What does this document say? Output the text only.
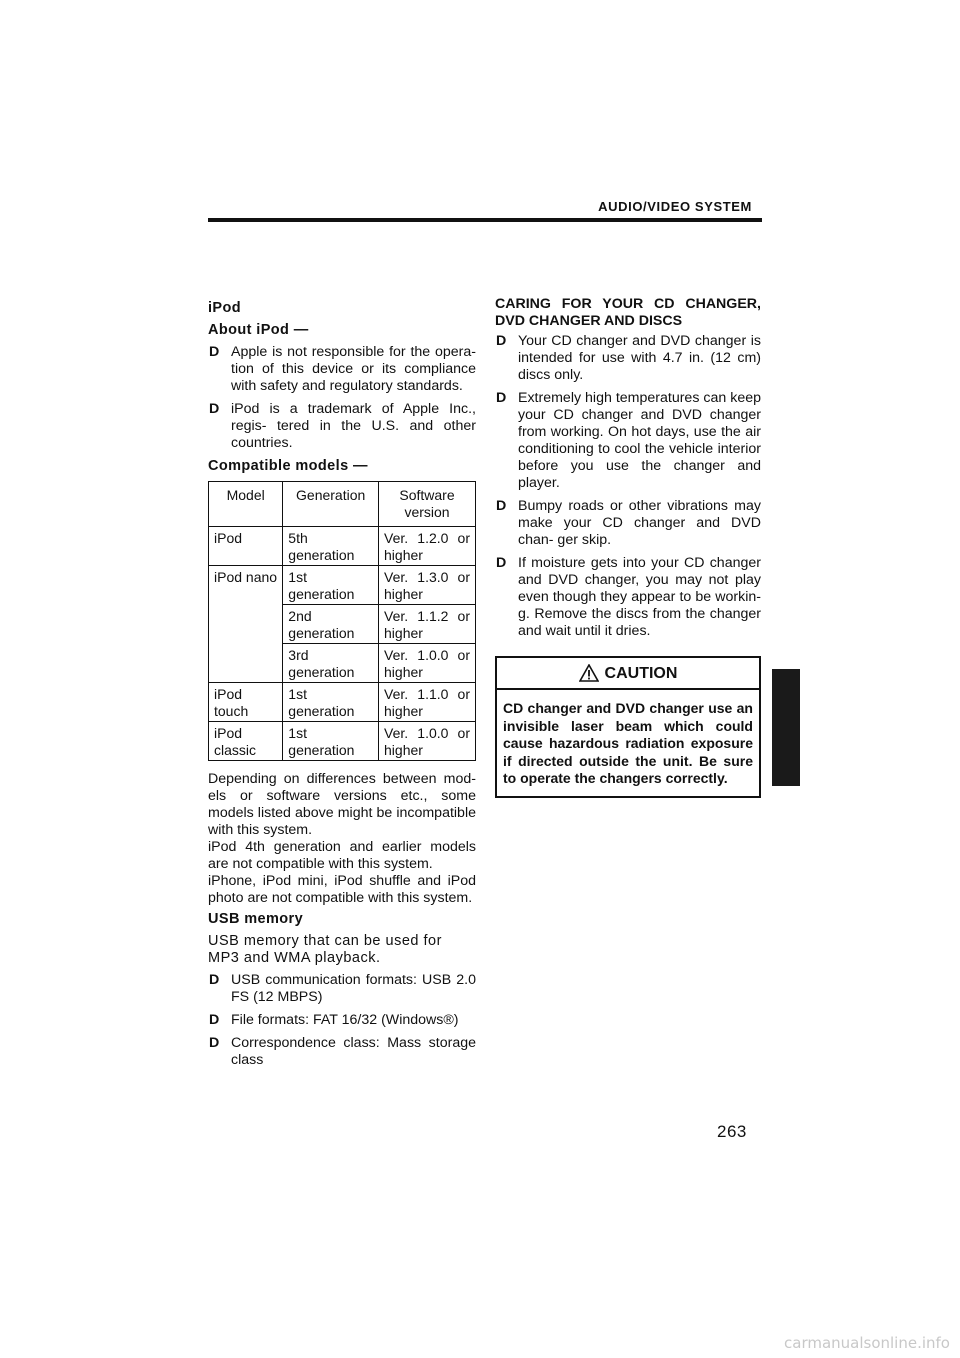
AUDIO/VIDEO SYSTEM
iPod
About iPod —
D Apple is not responsible for the opera- tion of this device or its compliance with safety and regulatory standards.
D iPod is a trademark of Apple Inc., regis- tered in the U.S. and other countries.
Compatible models —
Model	Generation	Software version
iPod	5th generation	Ver. 1.2.0 or
higher

iPod nano	1st generation	Ver. 1.3.0 or
higher

	2nd generation	Ver. 1.1.2 or
higher

	3rd generation	Ver. 1.0.0 or
higher

iPod touch	1st generation	Ver. 1.1.0 or
higher

iPod classic	1st generation	Ver. 1.0.0 or
higher

Depending on differences between mod- els or software versions etc., some models listed above might be incompatible with this system.

iPod 4th generation and earlier models are not compatible with this system.

iPhone, iPod mini, iPod shuffle and iPod photo are not compatible with this system.

USB memory
USB memory that can be used for MP3 and WMA playback.
D USB communication formats: USB 2.0 FS (12 MBPS)
D File formats: FAT 16/32 (Windows®)
D Correspondence class: Mass storage class
CARING FOR YOUR CD CHANGER, DVD CHANGER AND DISCS
D Your CD changer and DVD changer is intended for use with 4.7 in. (12 cm) discs only.
D Extremely high temperatures can keep your CD changer and DVD changer from working. On hot days, use the air conditioning to cool the vehicle interior before you use the changer and player.
D Bumpy roads or other vibrations may make your CD changer and DVD chan- ger skip.
D If moisture gets into your CD changer and DVD changer, you may not play even though they appear to be workin- g. Remove the discs from the changer and wait until it dries.
CAUTION
CD changer and DVD changer use an invisible laser beam which could cause hazardous radiation exposure if directed outside the unit. Be sure to operate the changers correctly.
263
carmanualsonline.info
